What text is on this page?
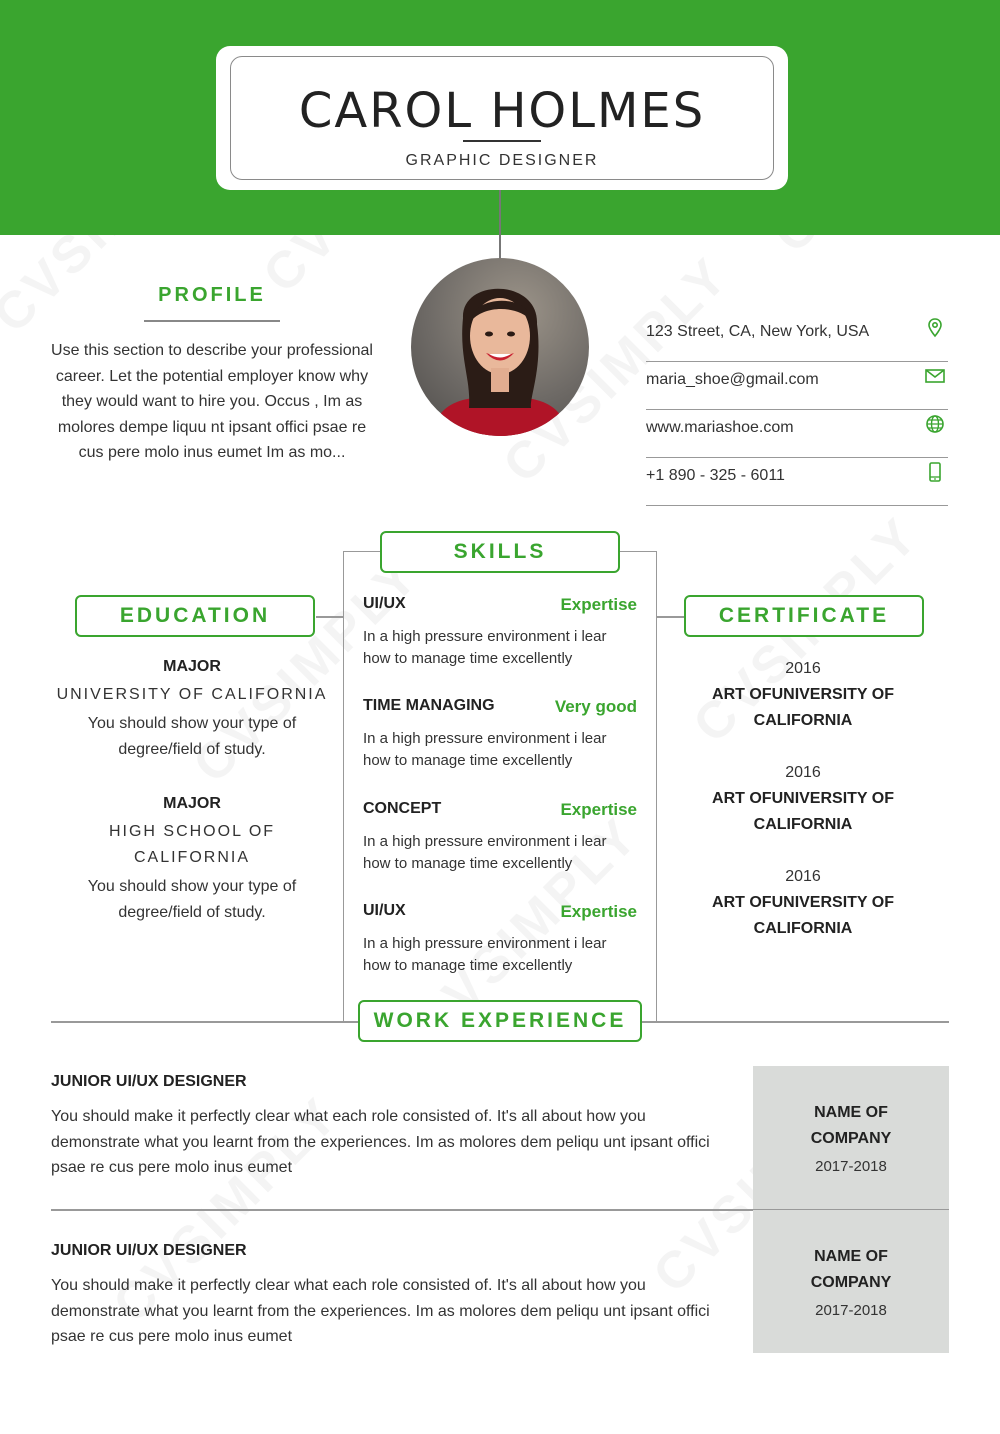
CAROL HOLMES
GRAPHIC DESIGNER
PROFILE
Use this section to describe your professional career. Let the potential employer know why they would want to hire you. Occus , Im as molores dempe liquu nt ipsant offici psae re cus pere molo inus eumet Im as mo...
123 Street, CA, New York, USA
maria_shoe@gmail.com
www.mariashoe.com
+1 890 - 325 - 6011
SKILLS
EDUCATION	CERTIFICATE
MAJOR
UNIVERSITY OF CALIFORNIA
You should show your type of degree/field of study.
MAJOR
HIGH SCHOOL OF CALIFORNIA
You should show your type of degree/field of study.
UI/UX	Expertise
In a high pressure environment i lear how to manage time excellently
TIME MANAGING	Very good
In a high pressure environment i lear how to manage time excellently
CONCEPT	Expertise
In a high pressure environment i lear how to manage time excellently
UI/UX	Expertise
In a high pressure environment i lear how to manage time excellently
2016
ART OFUNIVERSITY OF CALIFORNIA
2016
ART OFUNIVERSITY OF CALIFORNIA
2016
ART OFUNIVERSITY OF CALIFORNIA
WORK EXPERIENCE
JUNIOR UI/UX DESIGNER
You should make it perfectly clear what each role consisted of. It's all about how you demonstrate what you learnt from the experiences. Im as molores dem peliqu unt ipsant offici psae re cus pere molo inus eumet
NAME OF COMPANY
2017-2018
JUNIOR UI/UX DESIGNER
You should make it perfectly clear what each role consisted of. It's all about how you demonstrate what you learnt from the experiences. Im as molores dem peliqu unt ipsant offici psae re cus pere molo inus eumet
NAME OF COMPANY
2017-2018
